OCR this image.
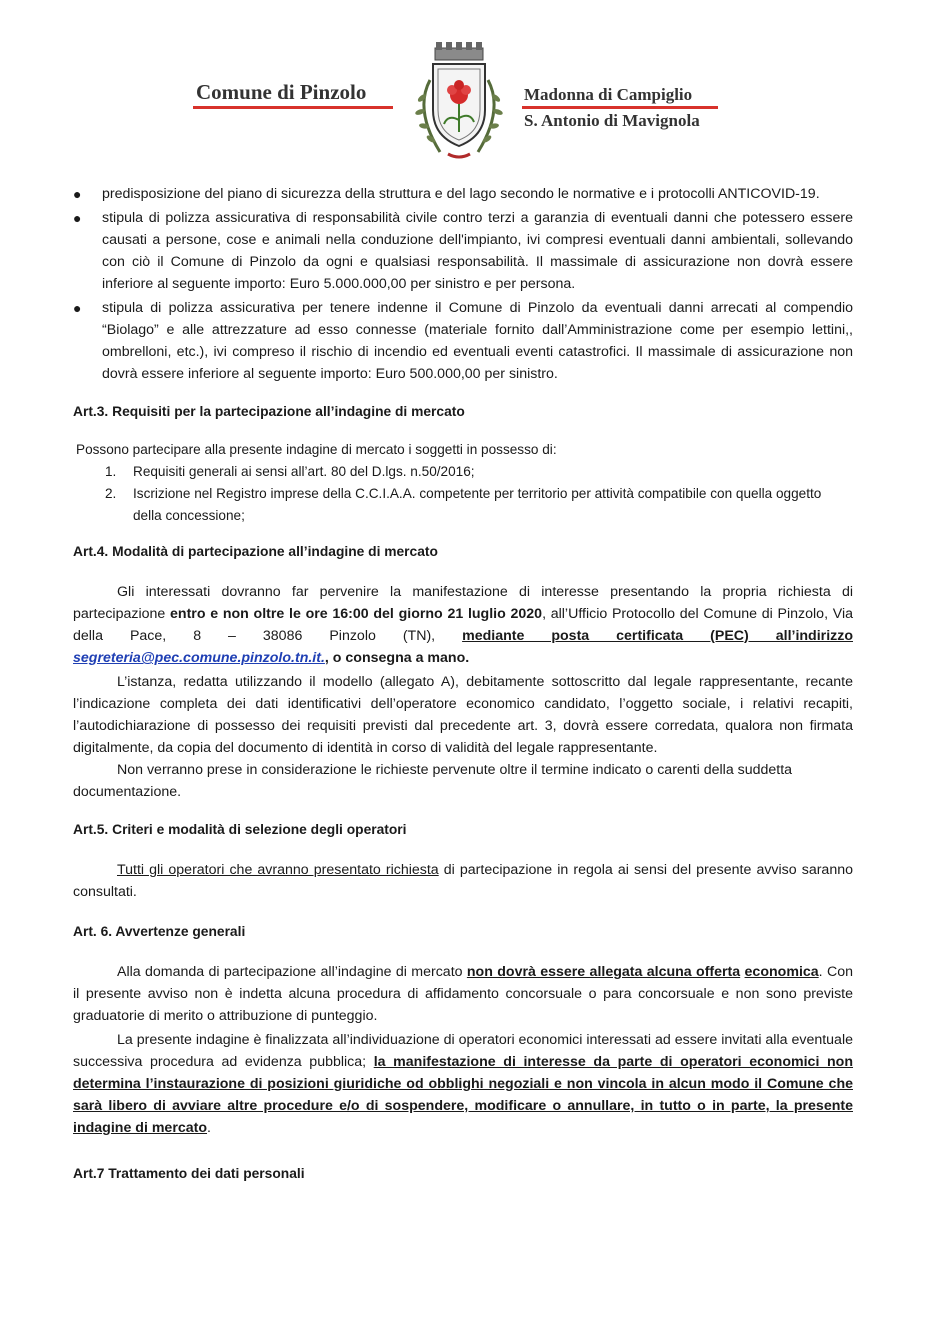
Comune di Pinzolo	Madonna di Campiglio
S. Antonio di Mavignola
● predisposizione del piano di sicurezza della struttura e del lago secondo le normative e i protocolli ANTICOVID-19.
● stipula di polizza assicurativa di responsabilità civile contro terzi a garanzia di eventuali danni che potessero essere causati a persone, cose e animali nella conduzione dell'impianto, ivi compresi eventuali danni ambientali, sollevando con ciò il Comune di Pinzolo da ogni e qualsiasi responsabilità. Il massimale di assicurazione non dovrà essere inferiore al seguente importo: Euro 5.000.000,00 per sinistro e per persona.
● stipula di polizza assicurativa per tenere indenne il Comune di Pinzolo da eventuali danni arrecati al compendio “Biolago” e alle attrezzature ad esso connesse (materiale fornito dall’Amministrazione come per esempio lettini,, ombrelloni, etc.), ivi compreso il rischio di incendio ed eventuali eventi catastrofici. Il massimale di assicurazione non dovrà essere inferiore al seguente importo: Euro 500.000,00 per sinistro.

Art.3. Requisiti per la partecipazione all’indagine di mercato

Possono partecipare alla presente indagine di mercato i soggetti in possesso di:

1. Requisiti generali ai sensi all’art. 80 del D.lgs. n.50/2016;
2. Iscrizione nel Registro imprese della C.C.I.A.A. competente per territorio per attività compatibile con quella oggetto della concessione;

Art.4. Modalità di partecipazione all’indagine di mercato

Gli interessati dovranno far pervenire la manifestazione di interesse presentando la propria richiesta di partecipazione entro e non oltre le ore 16:00 del giorno 21 luglio 2020, all’Ufficio Protocollo del Comune di Pinzolo, Via della Pace, 8 – 38086 Pinzolo (TN), mediante posta certificata (PEC) all’indirizzo segreteria@pec.comune.pinzolo.tn.it., o consegna a mano.

L’istanza, redatta utilizzando il modello (allegato A), debitamente sottoscritto dal legale rappresentante, recante l’indicazione completa dei dati identificativi dell’operatore economico candidato, l’oggetto sociale, i relativi recapiti, l’autodichiarazione di possesso dei requisiti previsti dal precedente art. 3, dovrà essere corredata, qualora non firmata digitalmente, da copia del documento di identità in corso di validità del legale rappresentante.

Non verranno prese in considerazione le richieste pervenute oltre il termine indicato o carenti della suddetta documentazione.

Art.5. Criteri e modalità di selezione degli operatori

Tutti gli operatori che avranno presentato richiesta di partecipazione in regola ai sensi del presente avviso saranno consultati.

Art. 6. Avvertenze generali

Alla domanda di partecipazione all’indagine di mercato non dovrà essere allegata alcuna offerta economica. Con il presente avviso non è indetta alcuna procedura di affidamento concorsuale o para concorsuale e non sono previste graduatorie di merito o attribuzione di punteggio.

La presente indagine è finalizzata all’individuazione di operatori economici interessati ad essere invitati alla eventuale successiva procedura ad evidenza pubblica; la manifestazione di interesse da parte di operatori economici non determina l’instaurazione di posizioni giuridiche od obblighi negoziali e non vincola in alcun modo il Comune che sarà libero di avviare altre procedure e/o di sospendere, modificare o annullare, in tutto o in parte, la presente indagine di mercato.

Art.7 Trattamento dei dati personali
